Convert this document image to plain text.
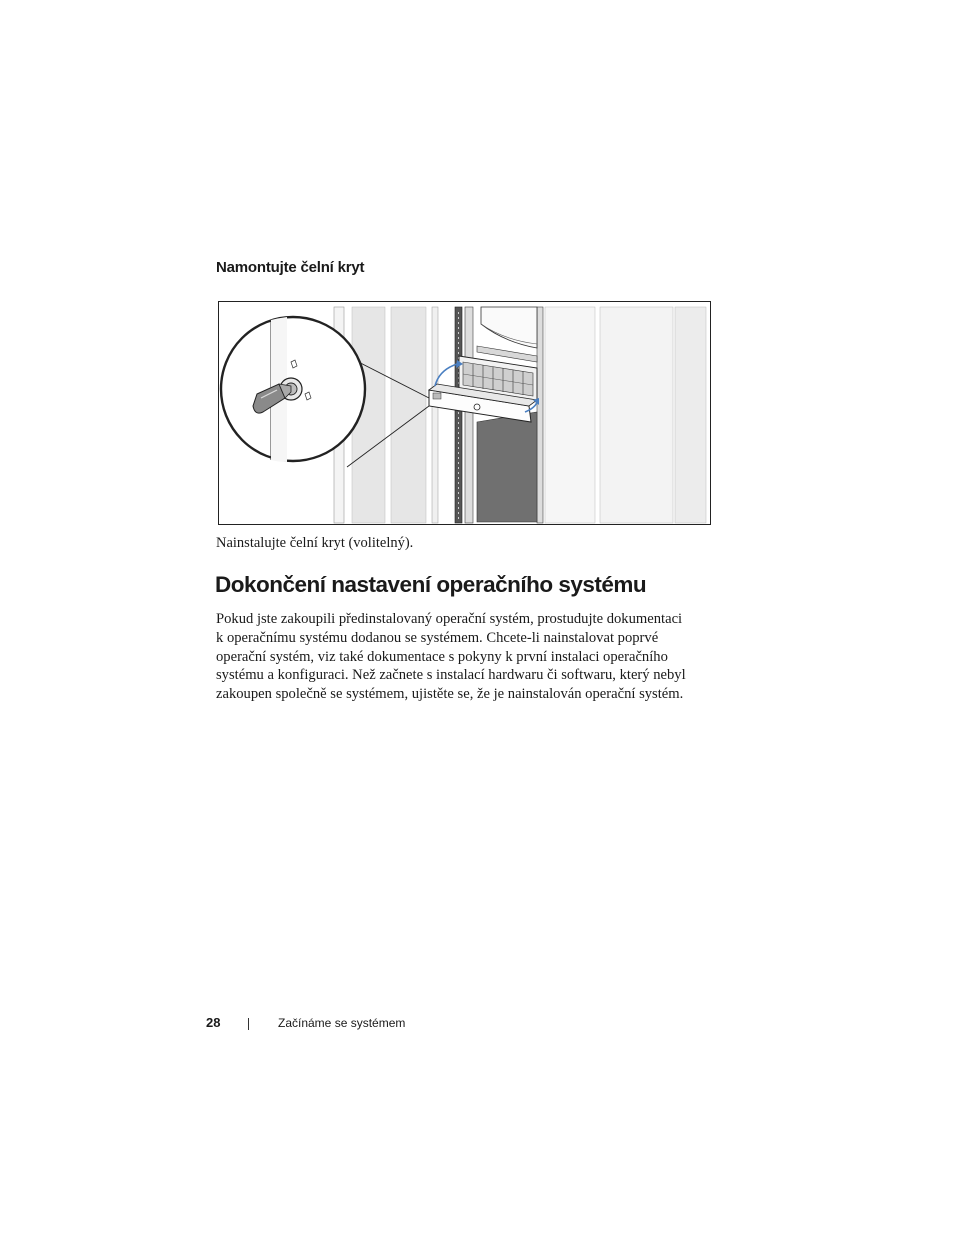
Namontujte čelní kryt

Nainstalujte čelní kryt (volitelný).

Dokončení nastavení operačního systému

Pokud jste zakoupili předinstalovaný operační systém, prostudujte dokumentaci
k operačnímu systému dodanou se systémem. Chcete-li nainstalovat poprvé
operační systém, viz také dokumentace s pokyny k první instalaci operačního
systému a konfiguraci. Než začnete s instalací hardwaru či softwaru, který nebyl
zakoupen společně se systémem, ujistěte se, že je nainstalován operační systém.

28	Začínáme se systémem
